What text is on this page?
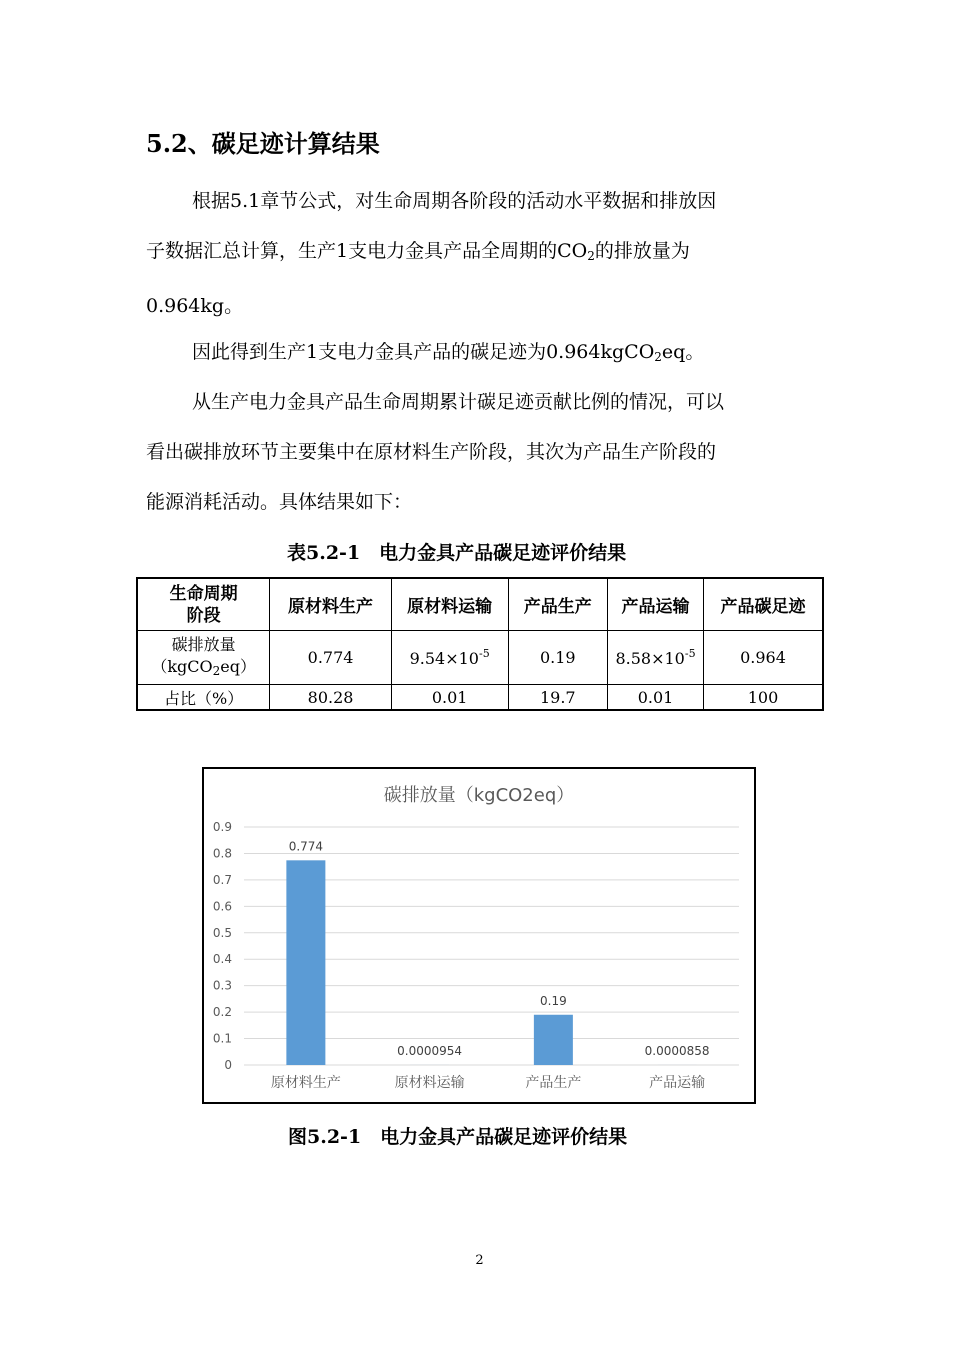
5.2、碳足迹计算结果
根据5.1章节公式，对生命周期各阶段的活动水平数据和排放因
子数据汇总计算，生产1支电力金具产品全周期的$CO_2$的排放量为
0.964kg。
因此得到生产1支电力金具产品的碳足迹为0.964kgCO$_2$eq。
从生产电力金具产品生命周期累计碳足迹贡献比例的情况，可以
看出碳排放环节主要集中在原材料生产阶段，其次为产品生产阶段的
能源消耗活动。具体结果如下：
表5.2-1　电力金具产品碳足迹评价结果
生命周期
阶段	原材料生产	原材料运输	产品生产	产品运输	产品碳足迹
碳排放量
（kgCO$_2$eq）	0.774	$9.54\times 10^{-5}$	0.19	$8.58\times 10^{-5}$	0.964
占比（%）	80.28	0.01	19.7	0.01	100
碳排放量（kgCO2eq）
0
0.1
0.2
0.3
0.4
0.5
0.6
0.7
0.8
0.9
0.774
原材料生产
0.0000954
原材料运输
0.19
产品生产
0.0000858
产品运输
图5.2-1　电力金具产品碳足迹评价结果
2
